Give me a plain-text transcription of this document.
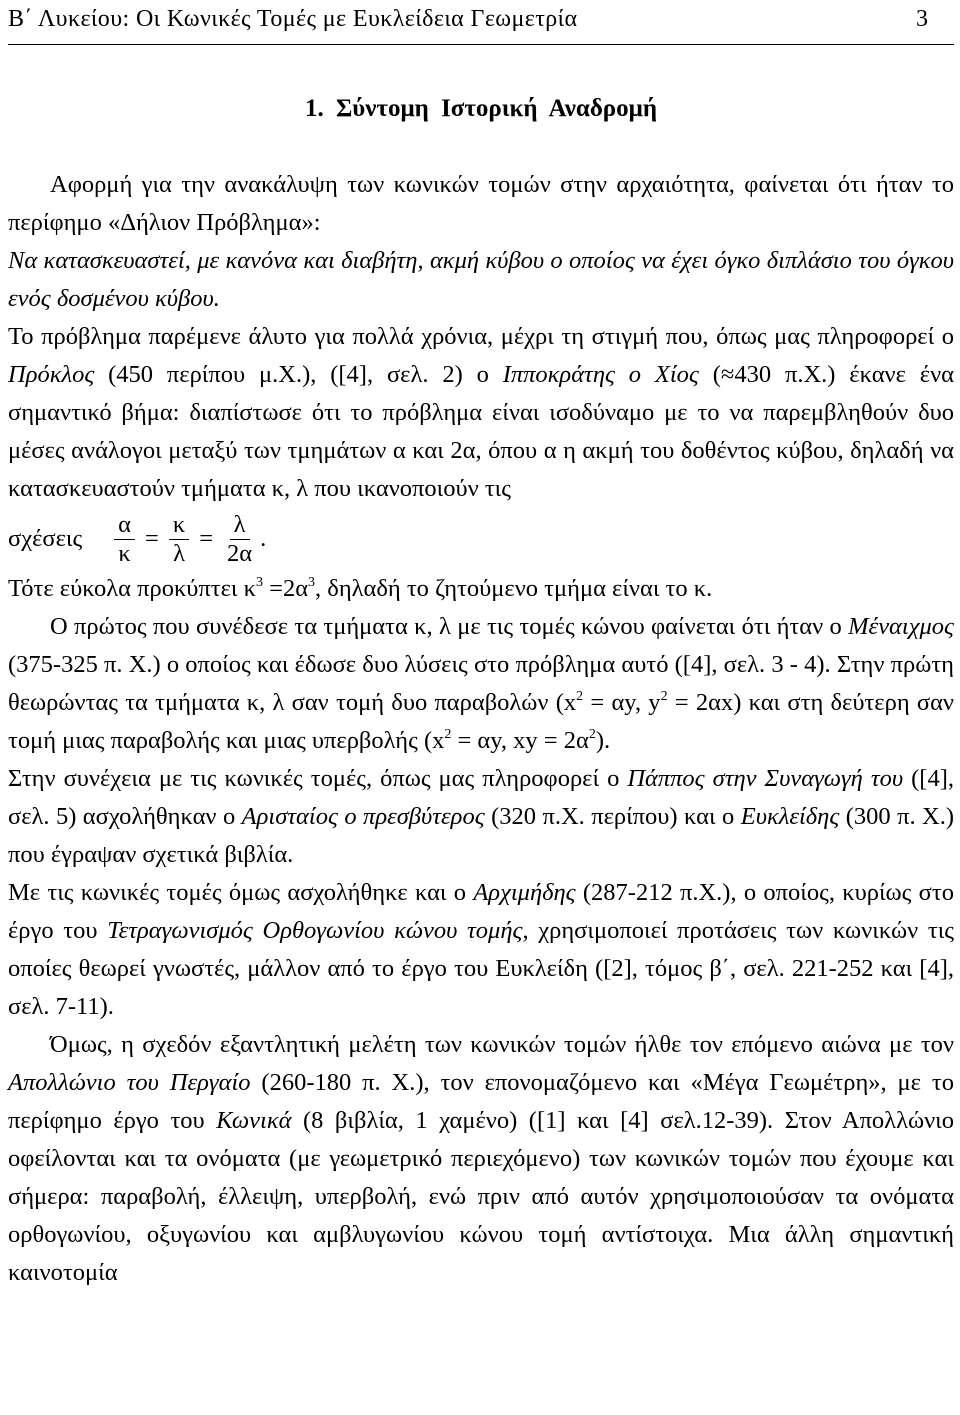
Β΄ Λυκείου: Οι Κωνικές Τομές με Ευκλείδεια Γεωμετρία	3
1. Σύντομη Ιστορική Αναδρομή

Αφορμή για την ανακάλυψη των κωνικών τομών στην αρχαιότητα, φαίνεται ότι ήταν το περίφημο «Δήλιον Πρόβλημα»:

Να κατασκευαστεί, με κανόνα και διαβήτη, ακμή κύβου ο οποίος να έχει όγκο διπλάσιο του όγκου ενός δοσμένου κύβου.

Το πρόβλημα παρέμενε άλυτο για πολλά χρόνια, μέχρι τη στιγμή που, όπως μας πληροφορεί ο Πρόκλος (450 περίπου μ.Χ.), ([4], σελ. 2) ο Ιπποκράτης ο Χίος (≈430 π.Χ.) έκανε ένα σημαντικό βήμα: διαπίστωσε ότι το πρόβλημα είναι ισοδύναμο με το να παρεμβληθούν δυο μέσες ανάλογοι μεταξύ των τμημάτων α και 2α, όπου α η ακμή του δοθέντος κύβου, δηλαδή να κατασκευαστούν τμήματα κ, λ που ικανοποιούν τις

σχέσεις $\frac{\alpha}{\kappa} = \frac{\kappa}{\lambda} = \frac{\lambda}{2\alpha}$ .

Τότε εύκολα προκύπτει $\kappa^3 =2\alpha^3$, δηλαδή το ζητούμενο τμήμα είναι το κ.

Ο πρώτος που συνέδεσε τα τμήματα κ, λ με τις τομές κώνου φαίνεται ότι ήταν ο Μέναιχμος (375-325 π. Χ.) ο οποίος και έδωσε δυο λύσεις στο πρόβλημα αυτό ([4], σελ. 3 - 4). Στην πρώτη θεωρώντας τα τμήματα κ, λ σαν τομή δυο παραβολών ($x^2 = \alpha y$, $y^2 = 2\alpha x$) και στη δεύτερη σαν τομή μιας παραβολής και μιας υπερβολής ($x^2 = \alpha y$, xy = $2\alpha^2$).

Στην συνέχεια με τις κωνικές τομές, όπως μας πληροφορεί ο Πάππος στην Συναγωγή του ([4], σελ. 5) ασχολήθηκαν ο Αρισταίος ο πρεσβύτερος (320 π.Χ. περίπου) και ο Ευκλείδης (300 π. Χ.) που έγραψαν σχετικά βιβλία.

Με τις κωνικές τομές όμως ασχολήθηκε και ο Αρχιμήδης (287-212 π.Χ.), ο οποίος, κυρίως στο έργο του Τετραγωνισμός Ορθογωνίου κώνου τομής, χρησιμοποιεί προτάσεις των κωνικών τις οποίες θεωρεί γνωστές, μάλλον από το έργο του Ευκλείδη ([2], τόμος β΄, σελ. 221-252 και [4], σελ. 7-11).

Όμως, η σχεδόν εξαντλητική μελέτη των κωνικών τομών ήλθε τον επόμενο αιώνα με τον Απολλώνιο του Περγαίο (260-180 π. Χ.), τον επονομαζόμενο και «Μέγα Γεωμέτρη», με το περίφημο έργο του Κωνικά (8 βιβλία, 1 χαμένο) ([1] και [4] σελ.12-39). Στον Απολλώνιο οφείλονται και τα ονόματα (με γεωμετρικό περιεχόμενο) των κωνικών τομών που έχουμε και σήμερα: παραβολή, έλλειψη, υπερβολή, ενώ πριν από αυτόν χρησιμοποιούσαν τα ονόματα ορθογωνίου, οξυγωνίου και αμβλυγωνίου κώνου τομή αντίστοιχα. Μια άλλη σημαντική καινοτομία
